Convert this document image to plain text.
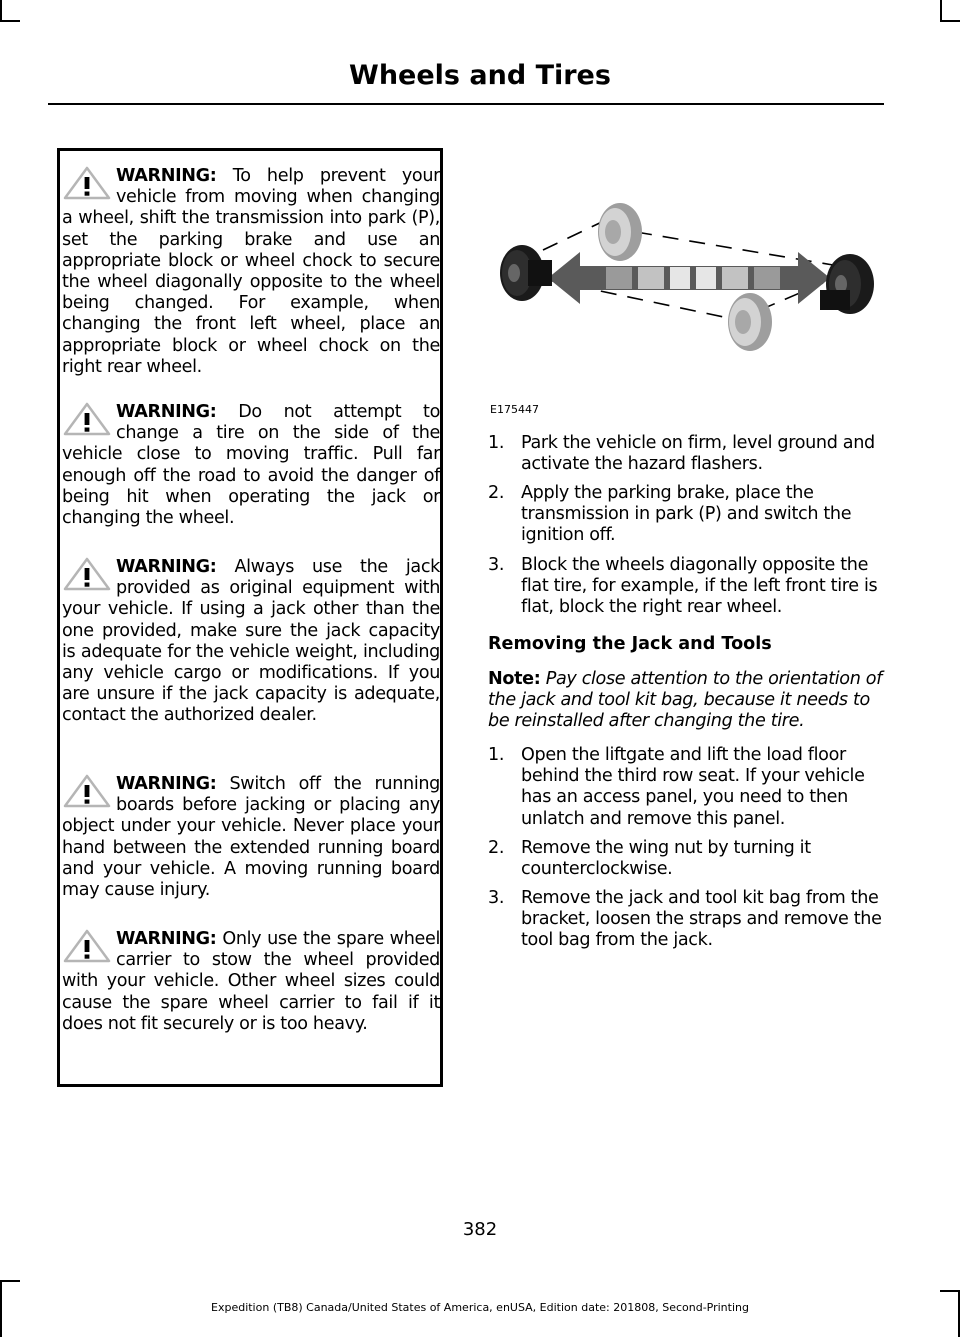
Wheels and Tires
WARNING: To help prevent your vehicle from moving when changing a wheel, shift the transmission into park (P), set the parking brake and use an appropriate block or wheel chock to secure the wheel diagonally opposite to the wheel being changed. For example, when changing the front left wheel, place an appropriate block or wheel chock on the right rear wheel.
WARNING: Do not attempt to change a tire on the side of the vehicle close to moving traffic. Pull far enough off the road to avoid the danger of being hit when operating the jack or changing the wheel.
WARNING: Always use the jack provided as original equipment with your vehicle. If using a jack other than the one provided, make sure the jack capacity is adequate for the vehicle weight, including any vehicle cargo or modifications. If you are unsure if the jack capacity is adequate, contact the authorized dealer.
WARNING: Switch off the running boards before jacking or placing any object under your vehicle. Never place your hand between the extended running board and your vehicle. A moving running board may cause injury.
WARNING: Only use the spare wheel carrier to stow the wheel provided with your vehicle. Other wheel sizes could cause the spare wheel carrier to fail if it does not fit securely or is too heavy.
E175447
1. Park the vehicle on firm, level ground and activate the hazard flashers.
2. Apply the parking brake, place the transmission in park (P) and switch the ignition off.
3. Block the wheels diagonally opposite the flat tire, for example, if the left front tire is flat, block the right rear wheel.
Removing the Jack and Tools
Note: Pay close attention to the orientation of the jack and tool kit bag, because it needs to be reinstalled after changing the tire.
1. Open the liftgate and lift the load floor behind the third row seat. If your vehicle has an access panel, you need to then unlatch and remove this panel.
2. Remove the wing nut by turning it counterclockwise.
3. Remove the jack and tool kit bag from the bracket, loosen the straps and remove the tool bag from the jack.
382
Expedition (TB8) Canada/United States of America, enUSA, Edition date: 201808, Second-Printing
